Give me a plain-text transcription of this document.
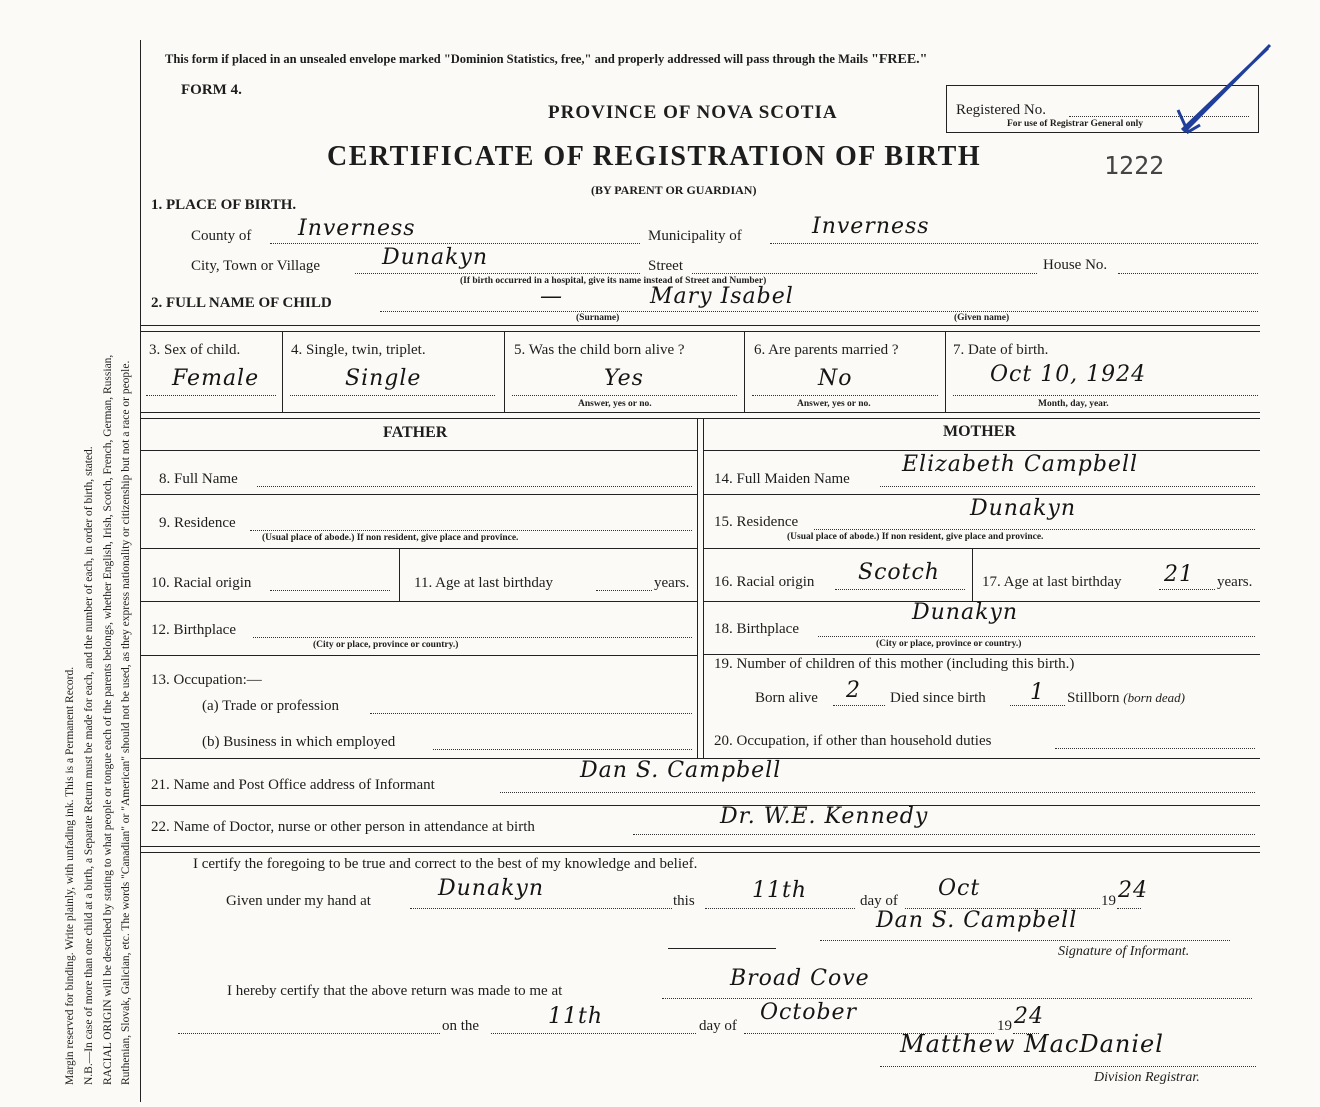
Margin reserved for binding. Write plainly, with unfading ink. This is a Permanent Record. N.B.—In case of more than one child at a birth, a Separate Return must be made for each, and the number of each, in order of birth, stated. RACIAL ORIGIN will be described by stating to what people or tongue each of the parents belongs, whether English, Irish, Scotch, French, German, Russian, Ruthenian, Slovak, Galician, etc. The words "Canadian" or "American" should not be used, as they express nationality or citizenship but not a race or people.
This form if placed in an unsealed envelope marked "Dominion Statistics, free," and properly addressed will pass through the Mails "FREE."
FORM 4.
PROVINCE OF NOVA SCOTIA
CERTIFICATE OF REGISTRATION OF BIRTH
(BY PARENT OR GUARDIAN)
Registered No.
For use of Registrar General only
1222
1. PLACE OF BIRTH.
County of Inverness	Municipality of	Inverness
City, Town or Village	Dunakyn	Street	House No.
(If birth occurred in a hospital, give its name instead of Street and Number)
2. FULL NAME OF CHILD	—	Mary Isabel
(Surname)	(Given name)
3. Sex of child.
Female
4. Single, twin, triplet.
Single
5. Was the child born alive ?
Yes
Answer, yes or no.
6. Are parents married ?
No
Answer, yes or no.
7. Date of birth.
Oct 10, 1924
Month, day, year.
FATHER	MOTHER
8. Full Name
9. Residence
(Usual place of abode.) If non resident, give place and province.
10. Racial origin	11. Age at last birthday	years.
12. Birthplace
(City or place, province or country.)
13. Occupation:—
(a) Trade or profession
(b) Business in which employed
14. Full Maiden Name
Elizabeth Campbell
15. Residence
Dunakyn
(Usual place of abode.) If non resident, give place and province.
16. Racial origin Scotch	17. Age at last birthday 21 years.
18. Birthplace
Dunakyn
(City or place, province or country.)
19. Number of children of this mother (including this birth.)
Born alive 2 Died since birth 1 Stillborn (born dead)
20. Occupation, if other than household duties
21. Name and Post Office address of Informant
Dan S. Campbell
22. Name of Doctor, nurse or other person in attendance at birth	Dr. W.E. Kennedy
I certify the foregoing to be true and correct to the best of my knowledge and belief.
Given under my hand at	Dunakyn	this	11th	day of Oct	19 24
Dan S. Campbell
Signature of Informant.
I hereby certify that the above return was made to me at	Broad Cove
on the	11th	day of
October
19 24
Matthew MacDaniel
Division Registrar.
